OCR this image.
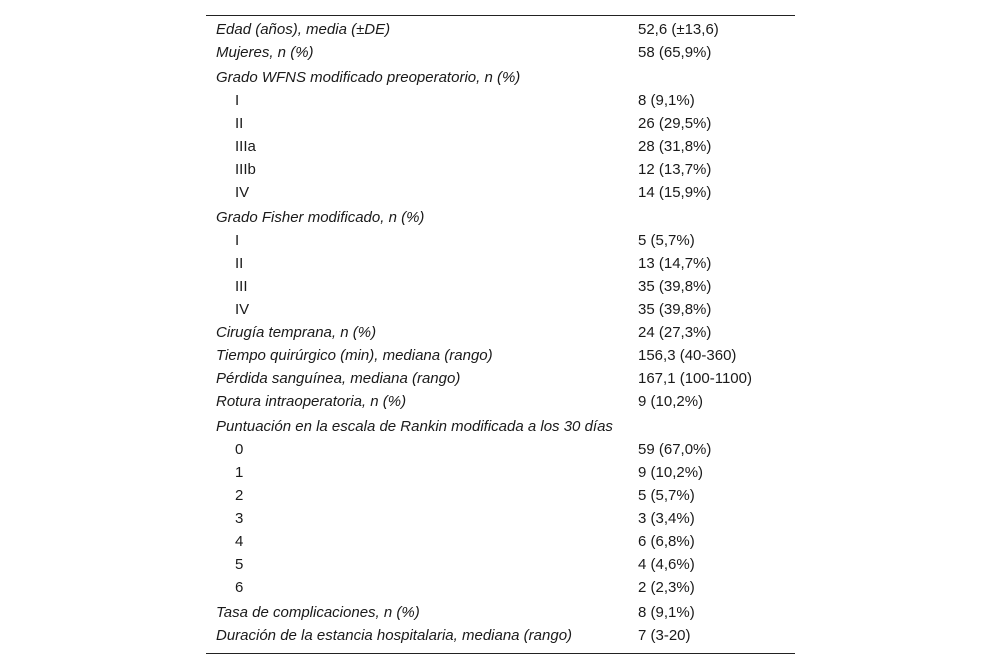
Edad (años), media (±DE)	52,6 (±13,6)
Mujeres, n (%)	58 (65,9%)
Grado WFNS modificado preoperatorio, n (%)
I	8 (9,1%)
II	26 (29,5%)
IIIa	28 (31,8%)
IIIb	12 (13,7%)
IV	14 (15,9%)
Grado Fisher modificado, n (%)
I	5 (5,7%)
II	13 (14,7%)
III	35 (39,8%)
IV	35 (39,8%)
Cirugía temprana, n (%)	24 (27,3%)
Tiempo quirúrgico (min), mediana (rango)	156,3 (40-360)
Pérdida sanguínea, mediana (rango)	167,1 (100-1100)
Rotura intraoperatoria, n (%)	9 (10,2%)
Puntuación en la escala de Rankin modificada a los 30 días
0	59 (67,0%)
1	9 (10,2%)
2	5 (5,7%)
3	3 (3,4%)
4	6 (6,8%)
5	4 (4,6%)
6	2 (2,3%)
Tasa de complicaciones, n (%)	8 (9,1%)
Duración de la estancia hospitalaria, mediana (rango)	7 (3-20)
